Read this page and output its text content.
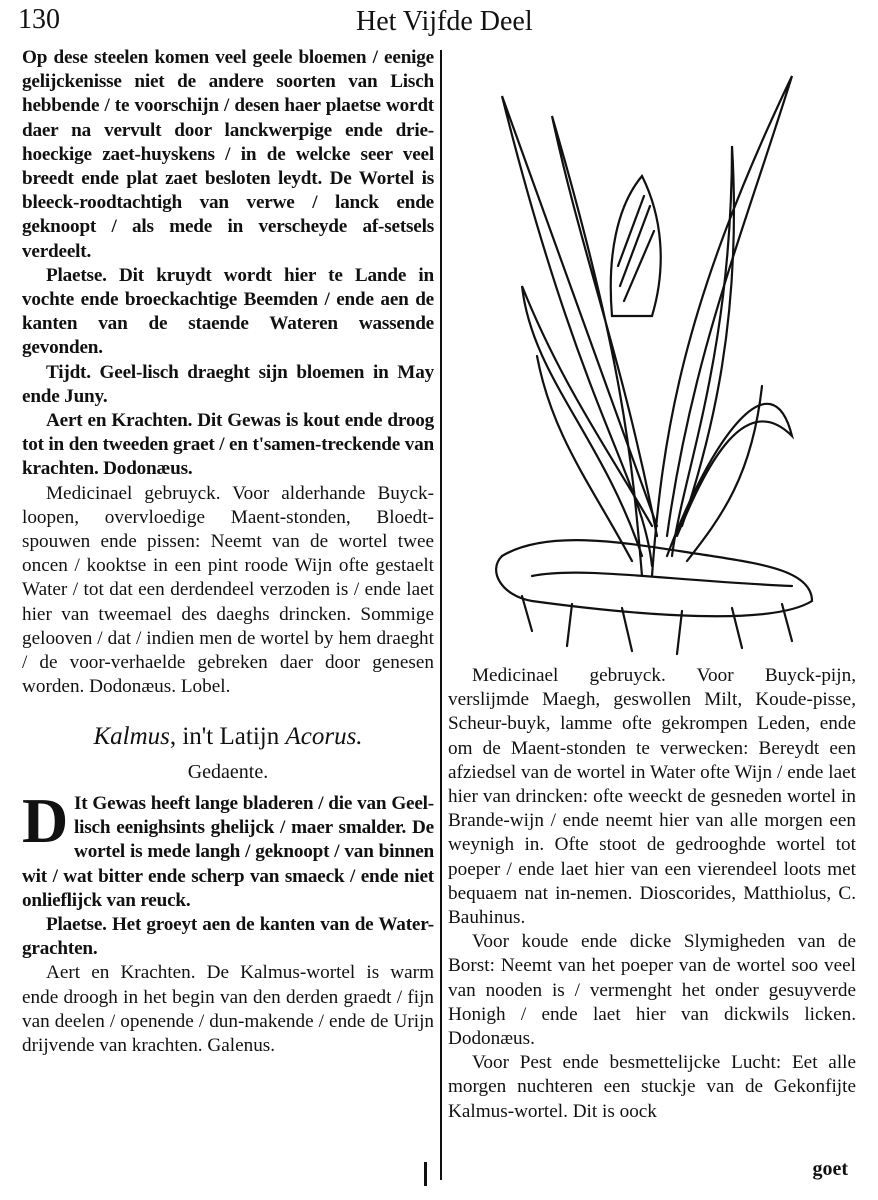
130	Het Vijfde Deel

Op dese steelen komen veel geele bloemen / eenige gelijckenisse niet de andere soorten van Lisch hebbende / te voorschijn / desen haer plaetse wordt daer na vervult door lanckwerpige ende drie-hoeckige zaet-huyskens / in de welcke seer veel breedt ende plat zaet besloten leydt. De Wortel is bleeck-roodtachtigh van verwe / lanck ende geknoopt / als mede in verscheyde af-setsels verdeelt.

Plaetse. Dit kruydt wordt hier te Lande in vochte ende broeckachtige Beemden / ende aen de kanten van de staende Wateren wassende gevonden.

Tijdt. Geel-lisch draeght sijn bloemen in May ende Juny.

Aert en Krachten. Dit Gewas is kout ende droog tot in den tweeden graet / en t'samen-treckende van krachten. Dodonæus.

Medicinael gebruyck. Voor alderhande Buyck-loopen, overvloedige Maent-stonden, Bloedt-spouwen ende pissen: Neemt van de wortel twee oncen / kooktse in een pint roode Wijn ofte gestaelt Water / tot dat een derdendeel verzoden is / ende laet hier van tweemael des daeghs drincken. Sommige gelooven / dat / indien men de wortel by hem draeght / de voor-verhaelde gebreken daer door genesen worden. Dodonæus. Lobel.

Kalmus, in't Latijn Acorus.
Gedaente.

D It Gewas heeft lange bladeren / die van Geel-lisch eenighsints ghelijck / maer smalder. De wortel is mede langh / geknoopt / van binnen wit / wat bitter ende scherp van smaeck / ende niet onlieflijck van reuck.

Plaetse. Het groeyt aen de kanten van de Water-grachten.

Aert en Krachten. De Kalmus-wortel is warm ende droogh in het begin van den derden graedt / fijn van deelen / openende / dun-makende / ende de Urijn drijvende van krachten. Galenus.

Medicinael gebruyck. Voor Buyck-pijn, verslijmde Maegh, geswollen Milt, Koude-pisse, Scheur-buyk, lamme ofte gekrompen Leden, ende om de Maent-stonden te verwecken: Bereydt een afziedsel van de wortel in Water ofte Wijn / ende laet hier van drincken: ofte weeckt de gesneden wortel in Brande-wijn / ende neemt hier van alle morgen een weynigh in. Ofte stoot de gedrooghde wortel tot poeper / ende laet hier van een vierendeel loots met bequaem nat in-nemen. Dioscorides, Matthiolus, C. Bauhinus.

Voor koude ende dicke Slymigheden van de Borst: Neemt van het poeper van de wortel soo veel van nooden is / vermenght het onder gesuyverde Honigh / ende laet hier van dickwils licken. Dodonæus.

Voor Pest ende besmettelijcke Lucht: Eet alle morgen nuchteren een stuckje van de Gekonfijte Kalmus-wortel. Dit is oock

goet
